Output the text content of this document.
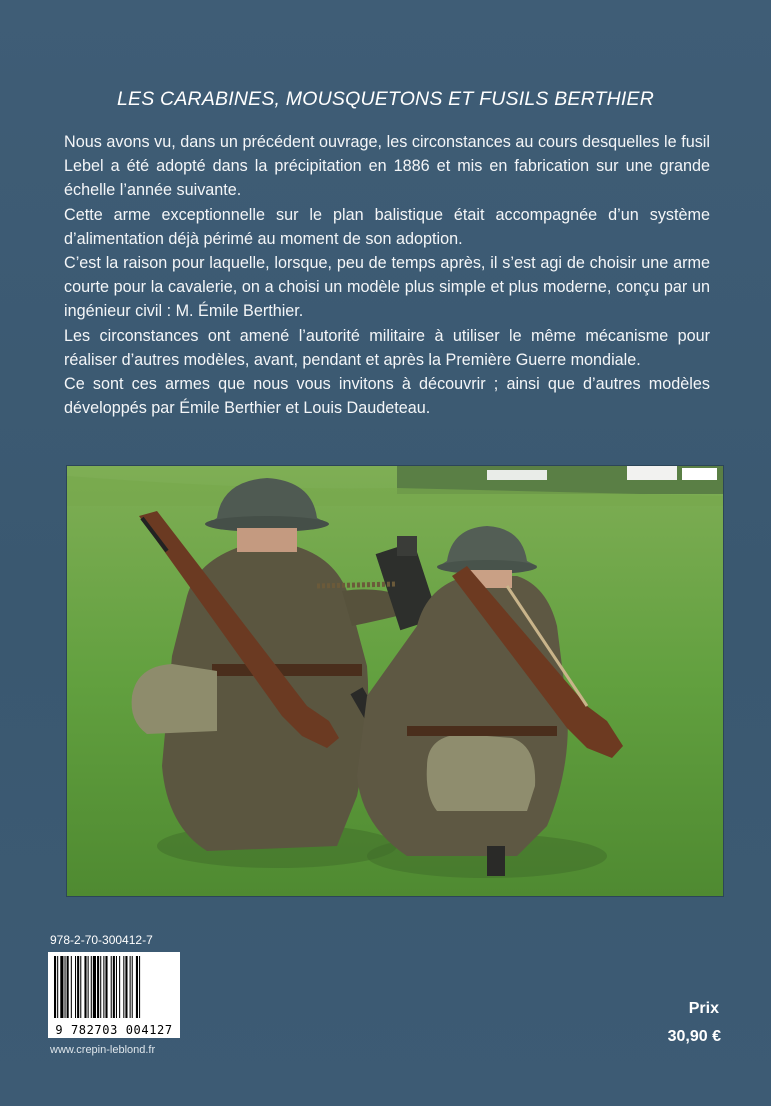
LES CARABINES, MOUSQUETONS ET FUSILS BERTHIER

Nous avons vu, dans un précédent ouvrage, les circonstances au cours desquelles le fusil Lebel a été adopté dans la précipitation en 1886 et mis en fabrication sur une grande échelle l’année suivante.

Cette arme exceptionnelle sur le plan balistique était accompagnée d’un système d’alimentation déjà périmé au moment de son adoption.

C’est la raison pour laquelle, lorsque, peu de temps après, il s’est agi de choisir une arme courte pour la cavalerie, on a choisi un modèle plus simple et plus moderne, conçu par un ingénieur civil : M. Émile Berthier.

Les circonstances ont amené l’autorité militaire à utiliser le même mécanisme pour réaliser d’autres modèles, avant, pendant et après la Première Guerre mondiale.

Ce sont ces armes que nous vous invitons à découvrir ; ainsi que d’autres modèles développés par Émile Berthier et Louis Daudeteau.

978-2-70-300412-7
9 782703 004127
www.crepin-leblond.fr
Prix
30,90 €
